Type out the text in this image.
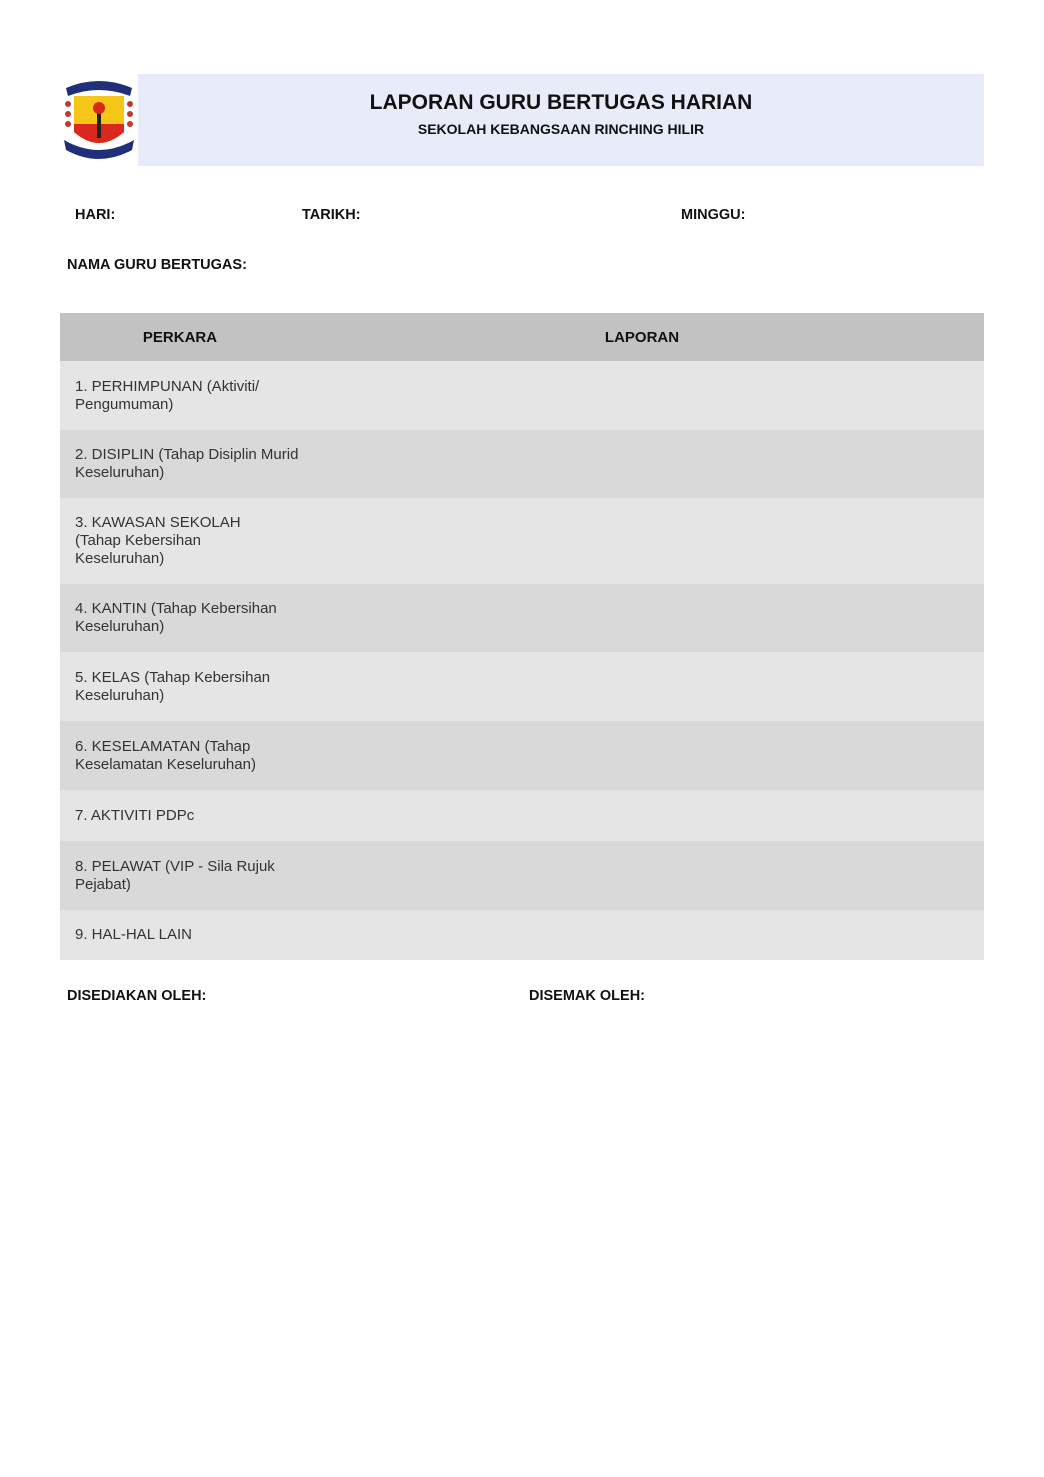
LAPORAN GURU BERTUGAS HARIAN
SEKOLAH KEBANGSAAN RINCHING HILIR
HARI:	TARIKH:	MINGGU:
NAMA GURU BERTUGAS:
PERKARA	LAPORAN

1. PERHIMPUNAN (Aktiviti/ Pengumuman)	

2. DISIPLIN (Tahap Disiplin Murid Keseluruhan)	

3. KAWASAN SEKOLAH (Tahap Kebersihan Keseluruhan)	

4. KANTIN (Tahap Kebersihan Keseluruhan)	

5. KELAS (Tahap Kebersihan Keseluruhan)	

6. KESELAMATAN (Tahap Keselamatan Keseluruhan)	

7. AKTIVITI PDPc	

8. PELAWAT (VIP - Sila Rujuk Pejabat)	

9. HAL-HAL LAIN	

DISEDIAKAN OLEH:	DISEMAK OLEH:
